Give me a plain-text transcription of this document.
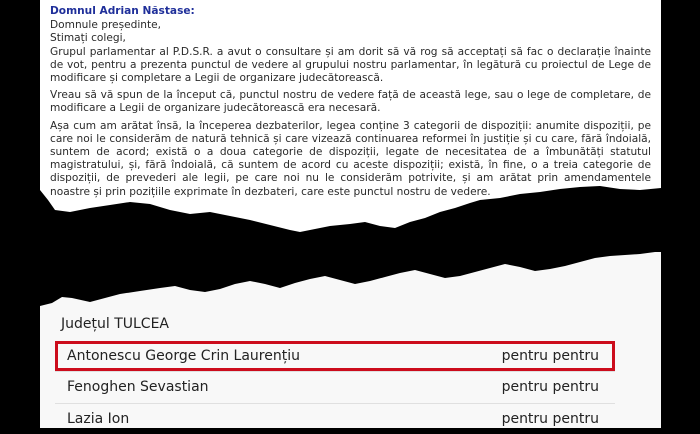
Domnul Adrian Năstase:

Domnule președinte,

Stimați colegi,

Grupul parlamentar al P.D.S.R. a avut o consultare și am dorit să vă rog să acceptați să fac o declarație înainte de vot, pentru a prezenta punctul de vedere al grupului nostru parlamentar, în legătură cu proiectul de Lege de modificare și completare a Legii de organizare judecătorească.

Vreau să vă spun de la început că, punctul nostru de vedere față de această lege, sau o lege de completare, de modificare a Legii de organizare judecătorească era necesară.

Așa cum am arătat însă, la începerea dezbaterilor, legea conține 3 categorii de dispoziții: anumite dispoziții, pe care noi le considerăm de natură tehnică și care vizează continuarea reformei în justiție și cu care, fără îndoială, suntem de acord; există o a doua categorie de dispoziții, legate de necesitatea de a îmbunătăți statutul magistratului, și, fără îndoială, că suntem de acord cu aceste dispoziții; există, în fine, o a treia categorie de dispoziții, de prevederi ale legii, pe care noi nu le considerăm potrivite, și am arătat prin amendamentele noastre și prin pozițiile exprimate în dezbateri, care este punctul nostru de vedere.

Județul TULCEA
Antonescu George Crin Laurențiu	pentru pentru
Fenoghen Sevastian	pentru pentru
Lazia Ion	pentru pentru
